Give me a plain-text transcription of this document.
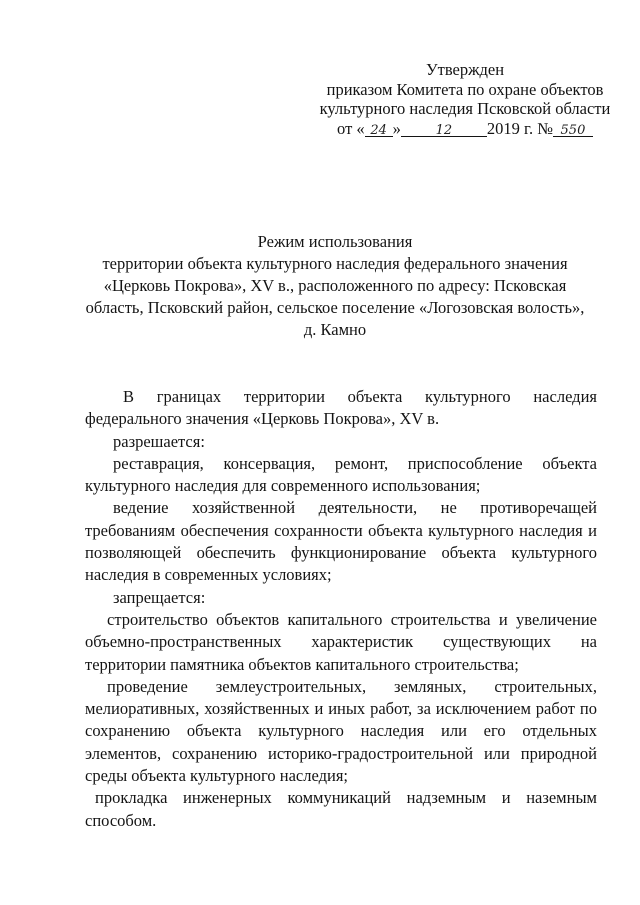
Утвержден
приказом Комитета по охране объектов
культурного наследия Псковской области
от « 24 »	12 2019 г. № 550
Режим использования
территории объекта культурного наследия федерального значения
«Церковь Покрова», XV в., расположенного по адресу: Псковская
область, Псковский район, сельское поселение «Логозовская волость»,
д. Камно

В границах территории объекта культурного наследия федерального значения «Церковь Покрова», XV в.

разрешается:

реставрация, консервация, ремонт, приспособление объекта культурного наследия для современного использования;

ведение хозяйственной деятельности, не противоречащей требованиям обеспечения сохранности объекта культурного наследия и позволяющей обеспечить функционирование объекта культурного наследия в современных условиях;

запрещается:

строительство объектов капитального строительства и увеличение объемно-пространственных характеристик существующих на территории памятника объектов капитального строительства;

проведение землеустроительных, земляных, строительных, мелиоративных, хозяйственных и иных работ, за исключением работ по сохранению объекта культурного наследия или его отдельных элементов, сохранению историко-градостроительной или природной среды объекта культурного наследия;

прокладка инженерных коммуникаций надземным и наземным способом.
